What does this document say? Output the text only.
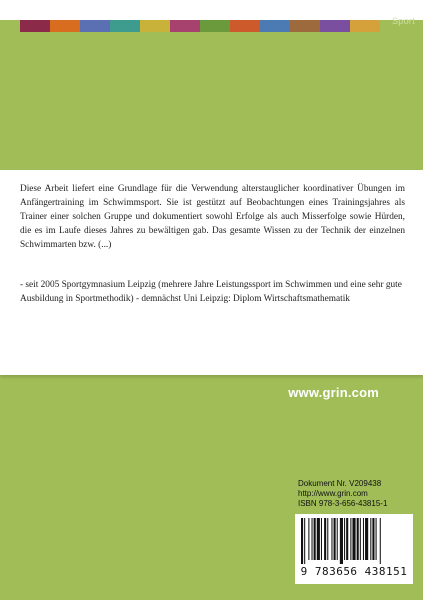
Sport

Diese Arbeit liefert eine Grundlage für die Verwendung alterstauglicher koordinativer Übungen im Anfängertraining im Schwimmsport. Sie ist gestützt auf Beobachtungen eines Trainingsjahres als Trainer einer solchen Gruppe und dokumentiert sowohl Erfolge als auch Misserfolge sowie Hürden, die es im Laufe dieses Jahres zu bewältigen gab. Das gesamte Wissen zu der Technik der einzelnen Schwimmarten bzw. (...)

- seit 2005 Sportgymnasium Leipzig (mehrere Jahre Leistungssport im Schwimmen und eine sehr gute Ausbildung in Sportmethodik) - demnächst Uni Leipzig: Diplom Wirtschaftsmathematik

www.grin.com
Dokument Nr. V209438
http://www.grin.com
ISBN 978-3-656-43815-1
9 783656 438151
